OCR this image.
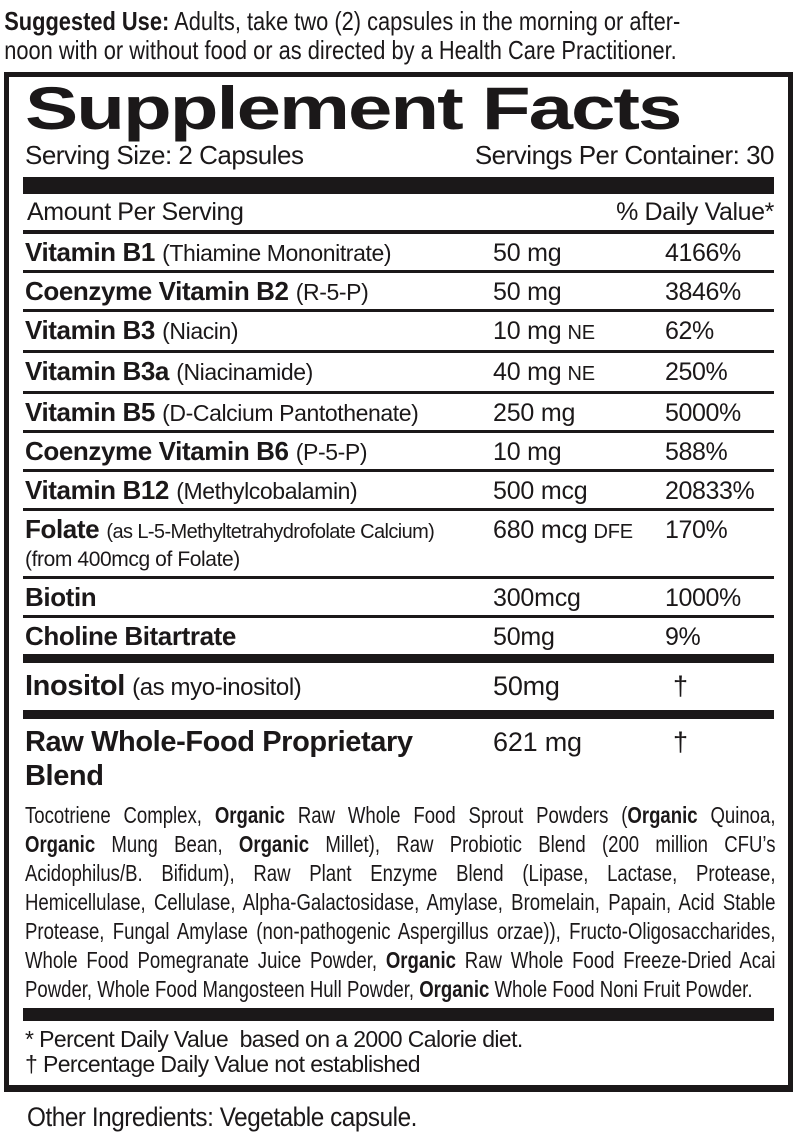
Suggested Use: Adults, take two (2) capsules in the morning or after-
noon with or without food or as directed by a Health Care Practitioner.
Supplement Facts
Serving Size: 2 Capsules	Servings Per Container: 30
Amount Per Serving	% Daily Value*
Vitamin B1 (Thiamine Mononitrate)	50 mg	4166%
Coenzyme Vitamin B2 (R-5-P)	50 mg	3846%
Vitamin B3 (Niacin)	10 mg NE	62%
Vitamin B3a (Niacinamide)	40 mg NE	250%
Vitamin B5 (D-Calcium Pantothenate)	250 mg	5000%
Coenzyme Vitamin B6 (P-5-P)	10 mg	588%
Vitamin B12 (Methylcobalamin)	500 mcg	20833%
Folate (as L-5-Methyltetrahydrofolate Calcium)
(from 400mcg of Folate)
680 mcg DFE	170%
Biotin	300mcg	1000%
Choline Bitartrate	50mg	9%
Inositol (as myo-inositol)	50mg	†
Raw Whole-Food Proprietary Blend
621 mg	†
Tocotriene Complex, Organic Raw Whole Food Sprout Powders (Organic Quinoa, Organic Mung Bean, Organic Millet), Raw Probiotic Blend (200 million CFU’s Acidophilus/B. Bifidum), Raw Plant Enzyme Blend (Lipase, Lactase, Protease, Hemicellulase, Cellulase, Alpha-Galactosidase, Amylase, Bromelain, Papain, Acid Stable Protease, Fungal Amylase (non-pathogenic Aspergillus orzae)), Fructo-Oligosaccharides, Whole Food Pomegranate Juice Powder, Organic Raw Whole Food Freeze-Dried Acai Powder, Whole Food Mangosteen Hull Powder, Organic Whole Food Noni Fruit Powder.
* Percent Daily Value  based on a 2000 Calorie diet.
† Percentage Daily Value not established
Other Ingredients: Vegetable capsule.
